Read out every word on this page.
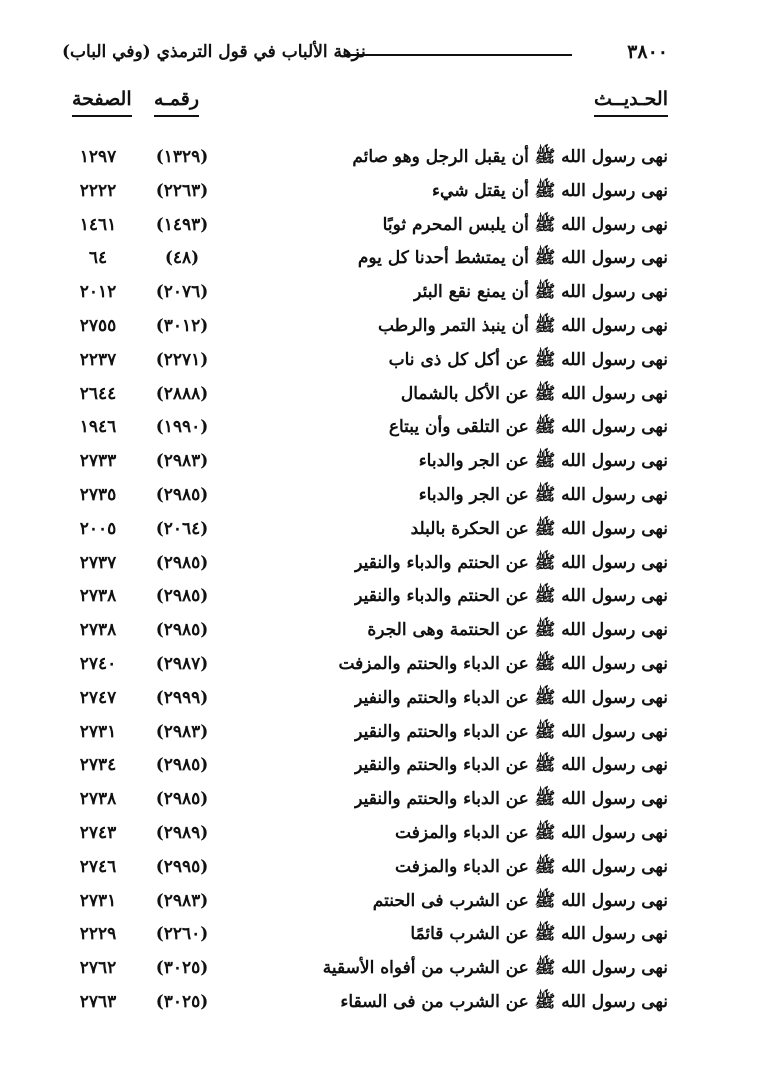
٣٨٠٠
نزهة الألباب في قول الترمذي (وفي الباب)
الحـديــث
رقمـه
الصفحة
نهى رسول الله ﷺ أن يقبل الرجل وهو صائم
(١٣٢٩)
١٢٩٧
نهى رسول الله ﷺ أن يقتل شيء
(٢٢٦٣)
٢٢٢٢
نهى رسول الله ﷺ أن يلبس المحرم ثوبًا
(١٤٩٣)
١٤٦١
نهى رسول الله ﷺ أن يمتشط أحدنا كل يوم
(٤٨)
٦٤
نهى رسول الله ﷺ أن يمنع نقع البئر
(٢٠٧٦)
٢٠١٢
نهى رسول الله ﷺ أن ينبذ التمر والرطب
(٣٠١٢)
٢٧٥٥
نهى رسول الله ﷺ عن أكل كل ذى ناب
(٢٢٧١)
٢٢٣٧
نهى رسول الله ﷺ عن الأكل بالشمال
(٢٨٨٨)
٢٦٤٤
نهى رسول الله ﷺ عن التلقى وأن يبتاع
(١٩٩٠)
١٩٤٦
نهى رسول الله ﷺ عن الجر والدباء
(٢٩٨٣)
٢٧٣٣
نهى رسول الله ﷺ عن الجر والدباء
(٢٩٨٥)
٢٧٣٥
نهى رسول الله ﷺ عن الحكرة بالبلد
(٢٠٦٤)
٢٠٠٥
نهى رسول الله ﷺ عن الحنتم والدباء والنقير
(٢٩٨٥)
٢٧٣٧
نهى رسول الله ﷺ عن الحنتم والدباء والنقير
(٢٩٨٥)
٢٧٣٨
نهى رسول الله ﷺ عن الحنتمة وهى الجرة
(٢٩٨٥)
٢٧٣٨
نهى رسول الله ﷺ عن الدباء والحنتم والمزفت
(٢٩٨٧)
٢٧٤٠
نهى رسول الله ﷺ عن الدباء والحنتم والنفير
(٢٩٩٩)
٢٧٤٧
نهى رسول الله ﷺ عن الدباء والحنتم والنقير
(٢٩٨٣)
٢٧٣١
نهى رسول الله ﷺ عن الدباء والحنتم والنقير
(٢٩٨٥)
٢٧٣٤
نهى رسول الله ﷺ عن الدباء والحنتم والنقير
(٢٩٨٥)
٢٧٣٨
نهى رسول الله ﷺ عن الدباء والمزفت
(٢٩٨٩)
٢٧٤٣
نهى رسول الله ﷺ عن الدباء والمزفت
(٢٩٩٥)
٢٧٤٦
نهى رسول الله ﷺ عن الشرب فى الحنتم
(٢٩٨٣)
٢٧٣١
نهى رسول الله ﷺ عن الشرب قائمًا
(٢٢٦٠)
٢٢٢٩
نهى رسول الله ﷺ عن الشرب من أفواه الأسقية
(٣٠٢٥)
٢٧٦٢
نهى رسول الله ﷺ عن الشرب من فى السقاء
(٣٠٢٥)
٢٧٦٣
